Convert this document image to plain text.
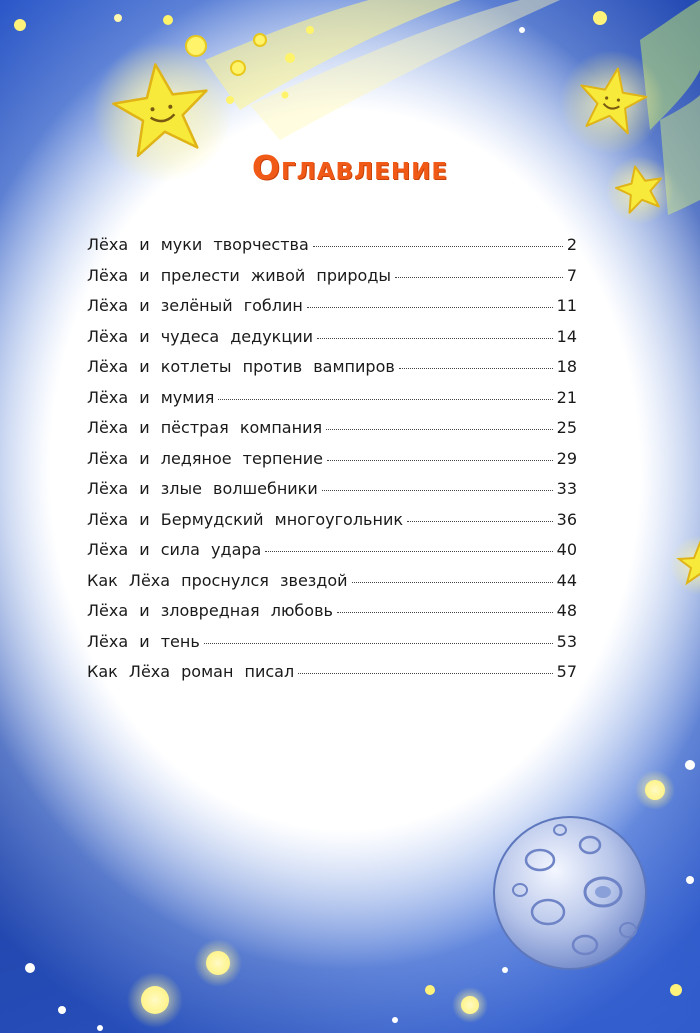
Оглавление
Лёха и муки творчества	2
Лёха и прелести живой природы	7
Лёха и зелёный гоблин	11
Лёха и чудеса дедукции	14
Лёха и котлеты против вампиров	18
Лёха и мумия	21
Лёха и пёстрая компания	25
Лёха и ледяное терпение	29
Лёха и злые волшебники	33
Лёха и Бермудский многоугольник	36
Лёха и сила удара	40
Как Лёха проснулся звездой	44
Лёха и зловредная любовь	48
Лёха и тень	53
Как Лёха роман писал	57
